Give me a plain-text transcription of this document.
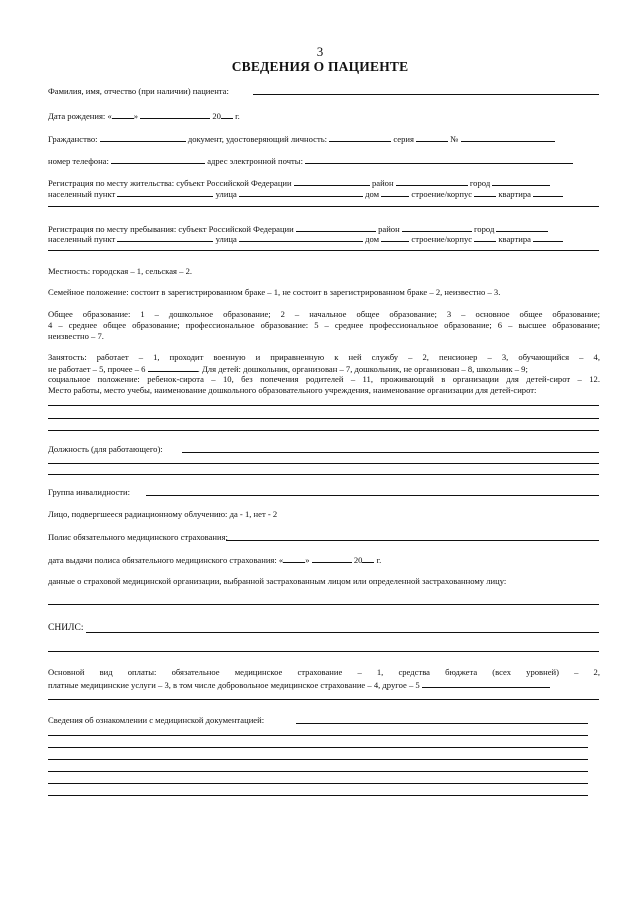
3
СВЕДЕНИЯ О ПАЦИЕНТЕ
Фамилия, имя, отчество (при наличии) пациента:
Дата рождения: «	»	20 г.
Гражданство:	документ, удостоверяющий личность:	серия	№
номер телефона:	адрес электронной почты:
Регистрация по месту жительства: субъект Российской Федерации	район	город
населенный пункт	улица	дом	строение/корпус	квартира
Регистрация по месту пребывания: субъект Российской Федерации	район	город
населенный пункт	улица	дом	строение/корпус	квартира
Местность: городская – 1, сельская – 2.
Семейное положение: состоит в зарегистрированном браке – 1, не состоит в зарегистрированном браке – 2, неизвестно – 3.
Общее образование: 1 – дошкольное образование; 2 – начальное общее образование; 3 – основное общее образование;
4 – среднее общее образование; профессиональное образование: 5 – среднее профессиональное образование; 6 – высшее образование;
неизвестно – 7.
Занятость: работает – 1, проходит военную и приравненную к ней службу – 2, пенсионер – 3, обучающийся – 4,
не работает – 5, прочее – 6	. Для детей: дошкольник, организован – 7, дошкольник, не организован – 8, школьник – 9;
социальное положение: ребенок-сирота – 10, без попечения родителей – 11, проживающий в организации для детей-сирот – 12.
Место работы, место учебы, наименование дошкольного образовательного учреждения, наименование организации для детей-сирот:
Должность (для работающего):
Группа инвалидности:
Лицо, подвергшееся радиационному облучению: да - 1, нет - 2
Полис обязательного медицинского страхования:
дата выдачи полиса обязательного медицинского страхования: «	»	20 г.
данные о страховой медицинской организации, выбранной застрахованным лицом или определенной застрахованному лицу:
СНИЛС:
Основной вид оплаты: обязательное медицинское страхование – 1, средства бюджета (всех уровней) – 2,
платные медицинские услуги – 3, в том числе добровольное медицинское страхование – 4, другое – 5
Сведения об ознакомлении с медицинской документацией:
